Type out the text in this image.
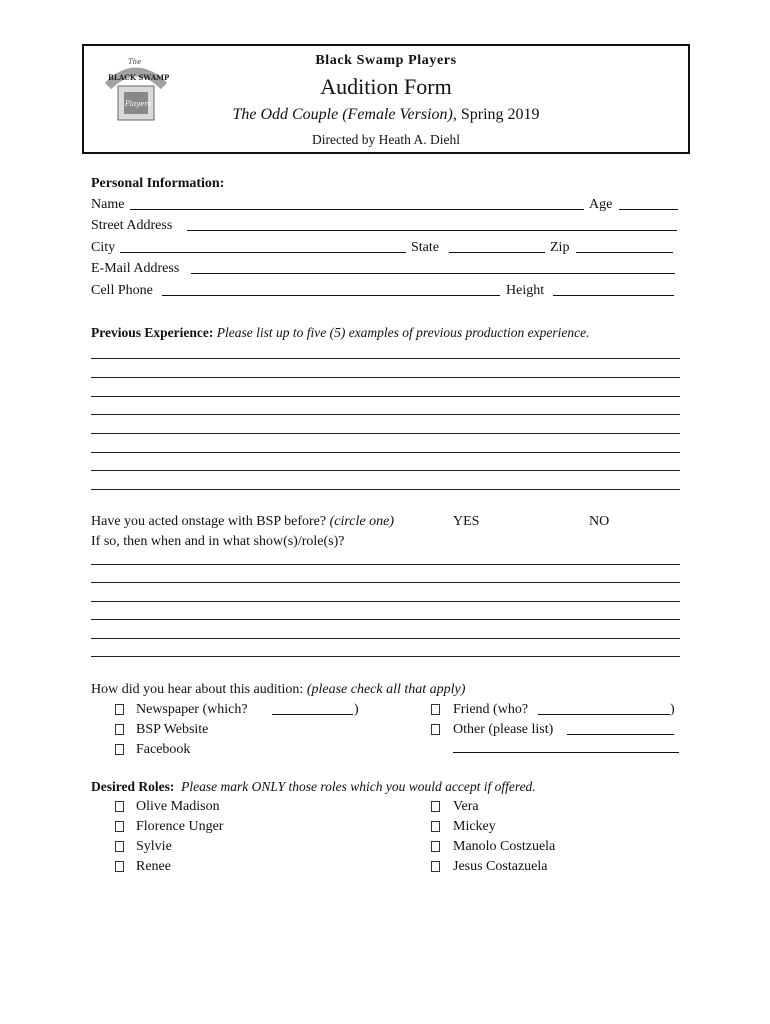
The
BLACK SWAMP
Players
Black Swamp Players
Audition Form
The Odd Couple (Female Version), Spring 2019
Directed by Heath A. Diehl
Personal Information:
Name	Age
Street Address
City	State	Zip
E-Mail Address
Cell Phone	Height
Previous Experience: Please list up to five (5) examples of previous production experience.
Have you acted onstage with BSP before? (circle one)	YES	NO
If so, then when and in what show(s)/role(s)?
How did you hear about this audition: (please check all that apply)
Newspaper (which?	)	Friend (who?	)
BSP Website	Other (please list)
Facebook
Desired Roles: Please mark ONLY those roles which you would accept if offered.
Olive Madison
Florence Unger
Sylvie
Renee
Vera
Mickey
Manolo Costzuela
Jesus Costazuela
